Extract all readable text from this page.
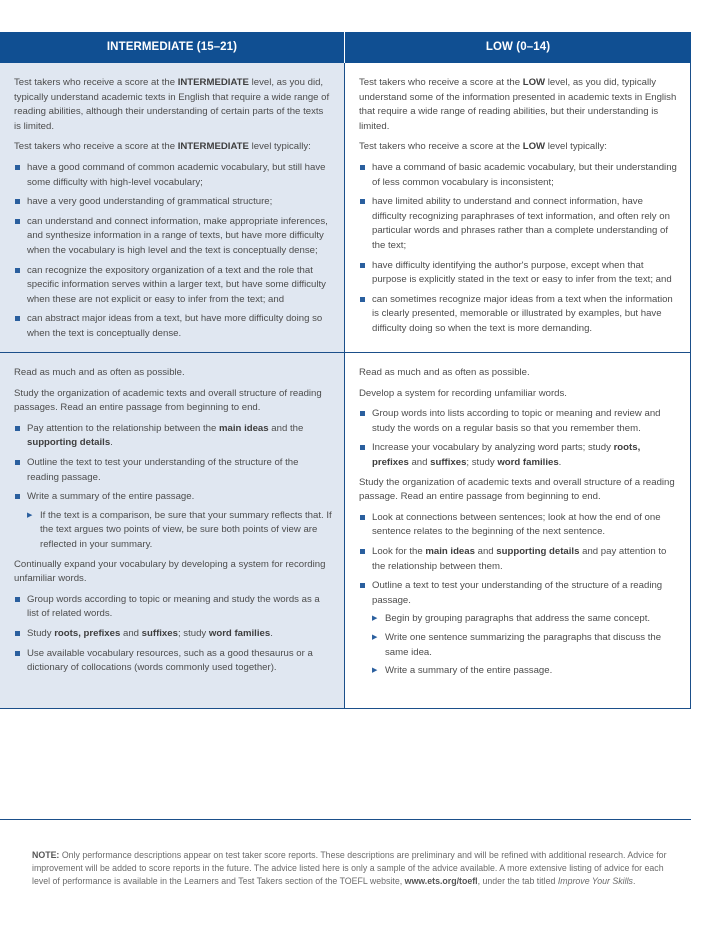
INTERMEDIATE (15–21)	LOW (0–14)

Test takers who receive a score at the INTERMEDIATE level, as you did, typically understand academic texts in English that require a wide range of reading abilities, although their understanding of certain parts of the texts is limited.

Test takers who receive a score at the INTERMEDIATE level typically:

have a good command of common academic vocabulary, but still have some difficulty with high-level vocabulary;
have a very good understanding of grammatical structure;
can understand and connect information, make appropriate inferences, and synthesize information in a range of texts, but have more difficulty when the vocabulary is high level and the text is conceptually dense;
can recognize the expository organization of a text and the role that specific information serves within a larger text, but have some difficulty when these are not explicit or easy to infer from the text; and
can abstract major ideas from a text, but have more difficulty doing so when the text is conceptually dense.

Test takers who receive a score at the LOW level, as you did, typically understand some of the information presented in academic texts in English that require a wide range of reading abilities, but their understanding is limited.

Test takers who receive a score at the LOW level typically:

have a command of basic academic vocabulary, but their understanding of less common vocabulary is inconsistent;
have limited ability to understand and connect information, have difficulty recognizing paraphrases of text information, and often rely on particular words and phrases rather than a complete understanding of the text;
have difficulty identifying the author's purpose, except when that purpose is explicitly stated in the text or easy to infer from the text; and
can sometimes recognize major ideas from a text when the information is clearly presented, memorable or illustrated by examples, but have difficulty doing so when the text is more demanding.

Read as much and as often as possible.

Study the organization of academic texts and overall structure of reading passages. Read an entire passage from beginning to end.

Pay attention to the relationship between the main ideas and the supporting details.
Outline the text to test your understanding of the structure of the reading passage.
Write a summary of the entire passage.
▶ If the text is a comparison, be sure that your summary reflects that. If the text argues two points of view, be sure both points of view are reflected in your summary.

Continually expand your vocabulary by developing a system for recording unfamiliar words.

Group words according to topic or meaning and study the words as a list of related words.
Study roots, prefixes and suffixes; study word families.
Use available vocabulary resources, such as a good thesaurus or a dictionary of collocations (words commonly used together).

Read as much and as often as possible.

Develop a system for recording unfamiliar words.

Group words into lists according to topic or meaning and review and study the words on a regular basis so that you remember them.
Increase your vocabulary by analyzing word parts; study roots, prefixes and suffixes; study word families.

Study the organization of academic texts and overall structure of a reading passage. Read an entire passage from beginning to end.

Look at connections between sentences; look at how the end of one sentence relates to the beginning of the next sentence.
Look for the main ideas and supporting details and pay attention to the relationship between them.
Outline a text to test your understanding of the structure of a reading passage.
▶ Begin by grouping paragraphs that address the same concept.
▶ Write one sentence summarizing the paragraphs that discuss the same idea.
▶ Write a summary of the entire passage.

NOTE: Only performance descriptions appear on test taker score reports. These descriptions are preliminary and will be refined with additional research. Advice for improvement will be added to score reports in the future. The advice listed here is only a sample of the advice available. A more extensive listing of advice for each level of performance is available in the Learners and Test Takers section of the TOEFL website, www.ets.org/toefl, under the tab titled Improve Your Skills.
